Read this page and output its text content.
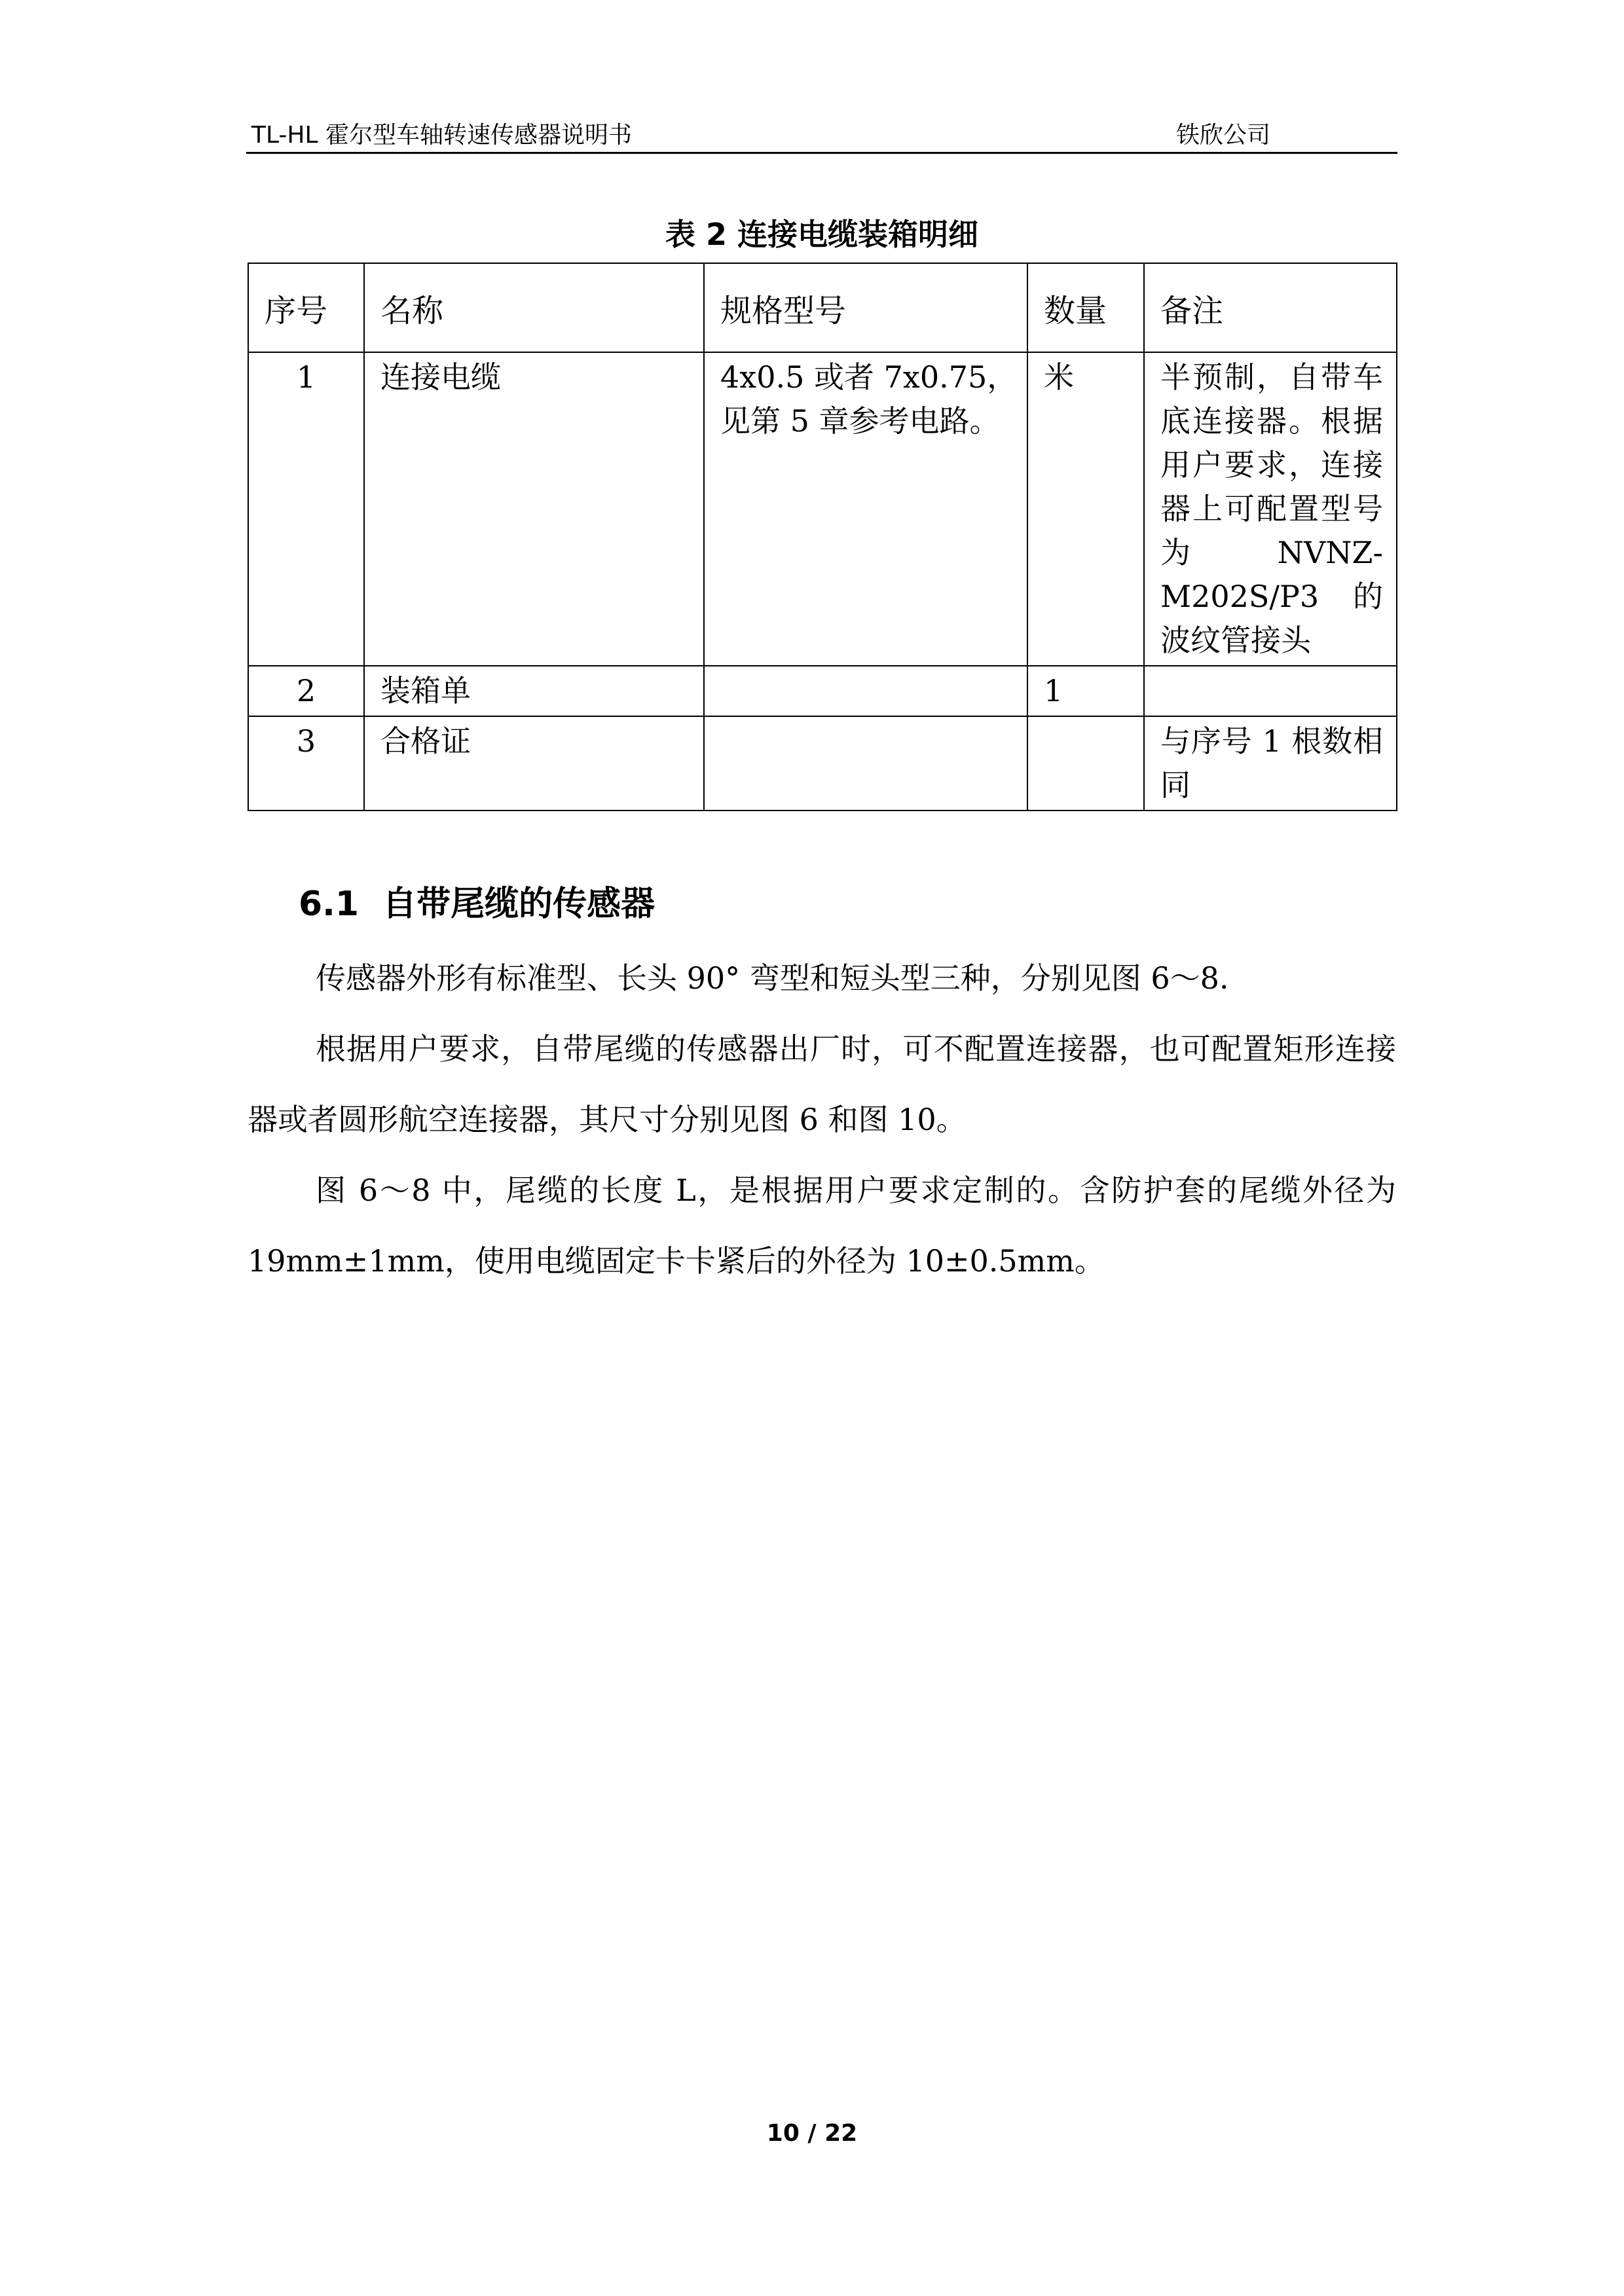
TL-HL 霍尔型车轴转速传感器说明书	铁欣公司
表 2 连接电缆装箱明细
序号	名称	规格型号	数量	备注
1	连接电缆	4x0.5 或者 7x0.75，见第 5 章参考电路。	米	半预制，自带车底连接器。根据用户要求，连接器上可配置型号为 NVNZ-M202S/P3 的波纹管接头
2	装箱单		1	
3	合格证			与序号 1 根数相同
6.1 自带尾缆的传感器

传感器外形有标准型、长头 90° 弯型和短头型三种，分别见图 6～8.

根据用户要求，自带尾缆的传感器出厂时，可不配置连接器，也可配置矩形连接器或者圆形航空连接器，其尺寸分别见图 6 和图 10。

图 6～8 中，尾缆的长度 L，是根据用户要求定制的。含防护套的尾缆外径为 19mm±1mm，使用电缆固定卡卡紧后的外径为 10±0.5mm。

10 / 22
